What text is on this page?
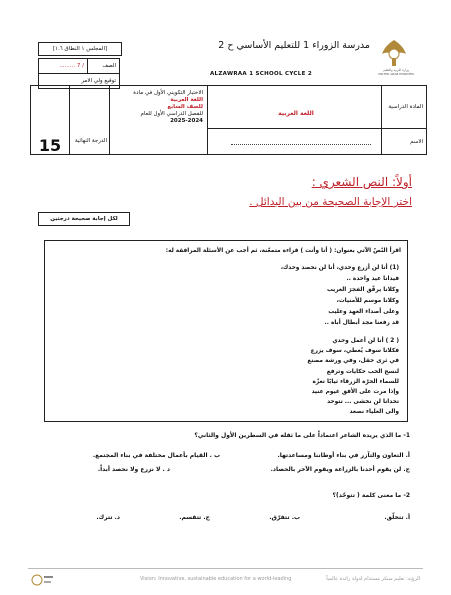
[المجلس ١ النطاق ١.٦]
/ 7 .........	الصف
توقيع ولي الامر
مدرسة الزوراء 1 للتعليم الأساسي ح 2
ALZAWRAA 1 SCHOOL CYCLE 2
وزارة التربية والتعليم
UNITED ARAB EMIRATES
15	الدرجة النهائية
الاختبار التكويني الأول في مادة
اللغة العربية
للصف السابع
للفصل الدراسي الأول للعام
2025-2024
اللغة العربية
المادة الدراسية
الاسم
أولاً: النص الشعري :
اختر الإجابة الصحيحة من بين البدائل .
لكل إجابة صحيحة درجتين
اقرأ النّصّ الآتي بعنوان: ( أنا وأنت ) قراءة متمعّنة، ثم أجب عن الأسئلة المرافقة له:
(1) أنا لن أزرع وحدي، أنا لن نحصد وحدك،
فيدانا عيد واحدة ..
وكلانا يرقّق الفجرَ الغريب
وكلانا موسم للأمنيات،
وعلى أصداء العهد وعليب
قد رفعنا مجد أبطال أباة ..
( 2 ) أنا لن أعمل وحدي
فكلانا سوف يُعطي، سوف يزرع
في ثرى حقل، وفي ورشة مصنع
لنسج الحب حكايات وترفع
للسماء الحرّة الزرقاء ثيابًا تعزّة
وإذا مرت على الأفق غيوم عنيد
تحدانا لن نخشى ... تتوحد
والى العلياء نصعد
1- ما الذي يريده الشاعر اعتماداً على ما ثقله في السطرين الأول والثاني؟
أ. التعاون والتآزر في بناء أوطاننا ومساعدتها.
ب . القيام بأعمال مختلفة في بناء المجتمع.
ج. لن يقوم أحدنا بالزراعة ويقوم الآخر بالحصاد.
د . لا نزرع ولا نحصد أبداً.
2- ما معنى كلمة ( تتوحّد)؟
أ. تتخلّق.
ب. تتفرّق.
ج. تتقسم.
د. تترك.
Vision: Innovative, sustainable education for a world-leading	الرؤية: تعليم مبتكر مستدام لدولة رائدة عالمياً
